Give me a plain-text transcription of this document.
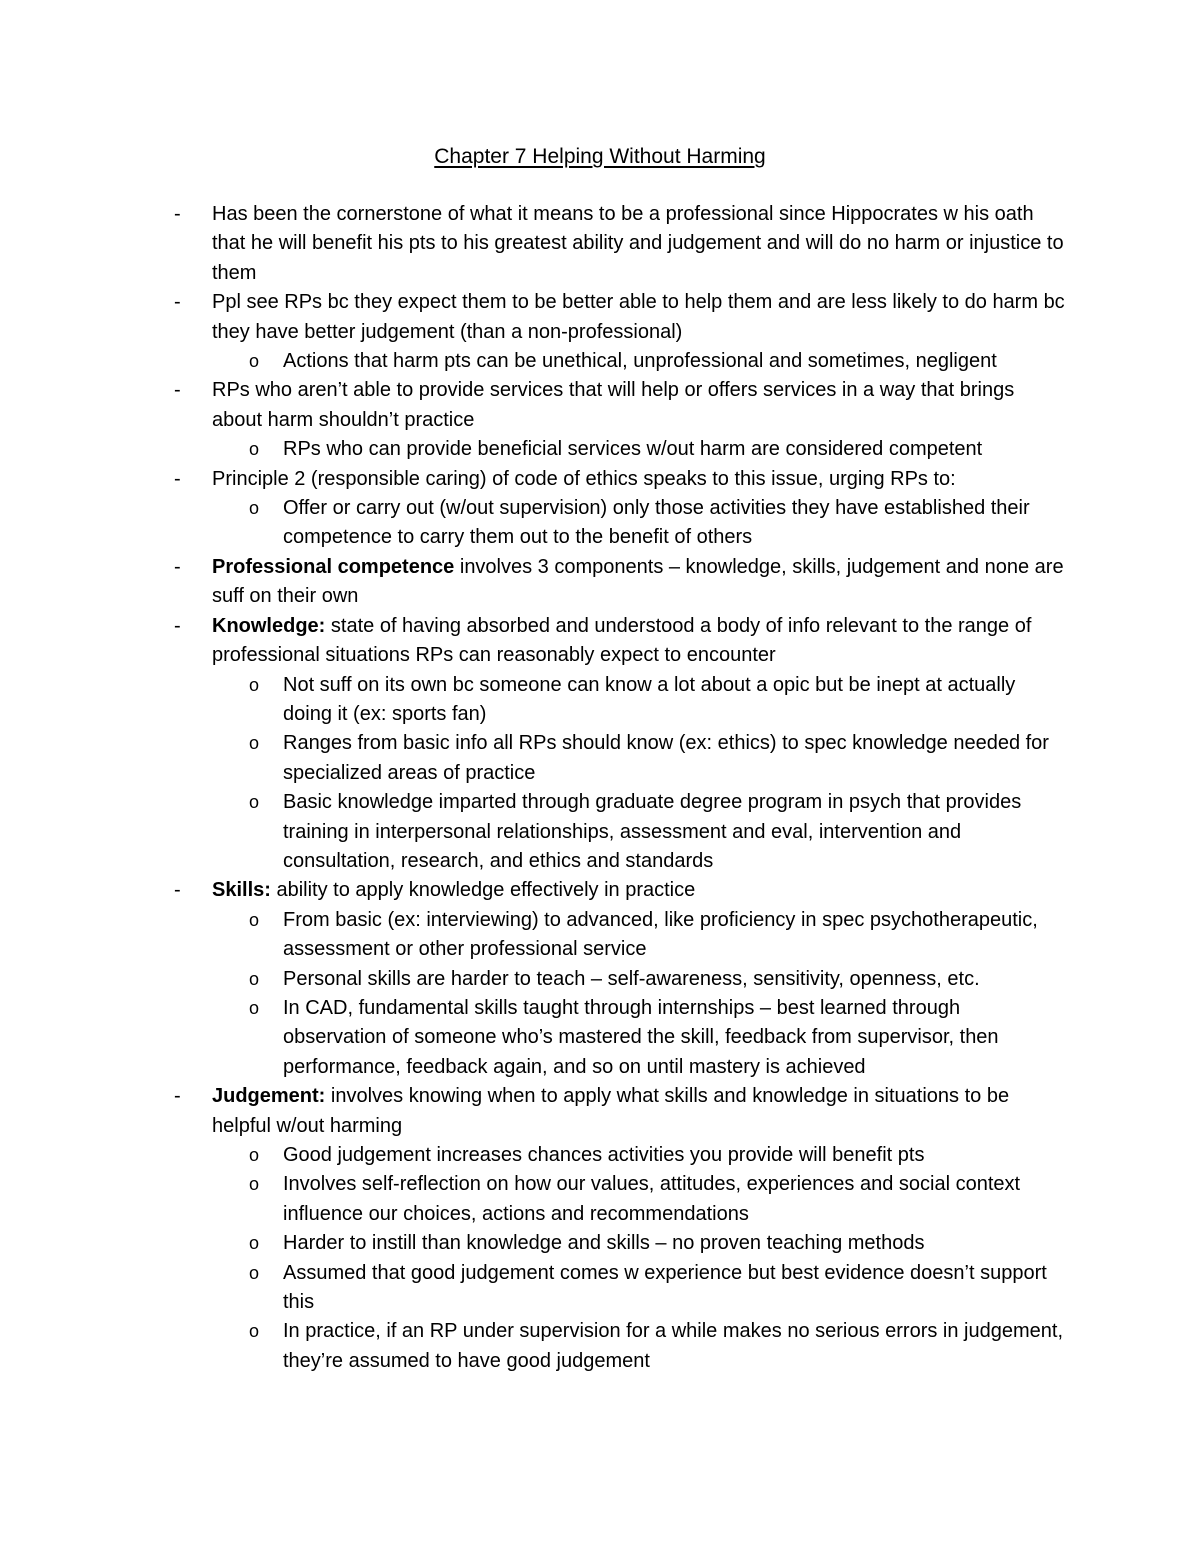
Chapter 7 Helping Without Harming
- Has been the cornerstone of what it means to be a professional since Hippocrates w his oath that he will benefit his pts to his greatest ability and judgement and will do no harm or injustice to them
- Ppl see RPs bc they expect them to be better able to help them and are less likely to do harm bc they have better judgement (than a non-professional)
o Actions that harm pts can be unethical, unprofessional and sometimes, negligent
- RPs who aren’t able to provide services that will help or offers services in a way that brings about harm shouldn’t practice
o RPs who can provide beneficial services w/out harm are considered competent
- Principle 2 (responsible caring) of code of ethics speaks to this issue, urging RPs to:
o Offer or carry out (w/out supervision) only those activities they have established their competence to carry them out to the benefit of others
- Professional competence involves 3 components – knowledge, skills, judgement and none are suff on their own
- Knowledge: state of having absorbed and understood a body of info relevant to the range of professional situations RPs can reasonably expect to encounter
o Not suff on its own bc someone can know a lot about a opic but be inept at actually doing it (ex: sports fan)
o Ranges from basic info all RPs should know (ex: ethics) to spec knowledge needed for specialized areas of practice
o Basic knowledge imparted through graduate degree program in psych that provides training in interpersonal relationships, assessment and eval, intervention and consultation, research, and ethics and standards
- Skills: ability to apply knowledge effectively in practice
o From basic (ex: interviewing) to advanced, like proficiency in spec psychotherapeutic, assessment or other professional service
o Personal skills are harder to teach – self-awareness, sensitivity, openness, etc.
o In CAD, fundamental skills taught through internships – best learned through observation of someone who’s mastered the skill, feedback from supervisor, then performance, feedback again, and so on until mastery is achieved
- Judgement: involves knowing when to apply what skills and knowledge in situations to be helpful w/out harming
o Good judgement increases chances activities you provide will benefit pts
o Involves self-reflection on how our values, attitudes, experiences and social context influence our choices, actions and recommendations
o Harder to instill than knowledge and skills – no proven teaching methods
o Assumed that good judgement comes w experience but best evidence doesn’t support this
o In practice, if an RP under supervision for a while makes no serious errors in judgement, they’re assumed to have good judgement
